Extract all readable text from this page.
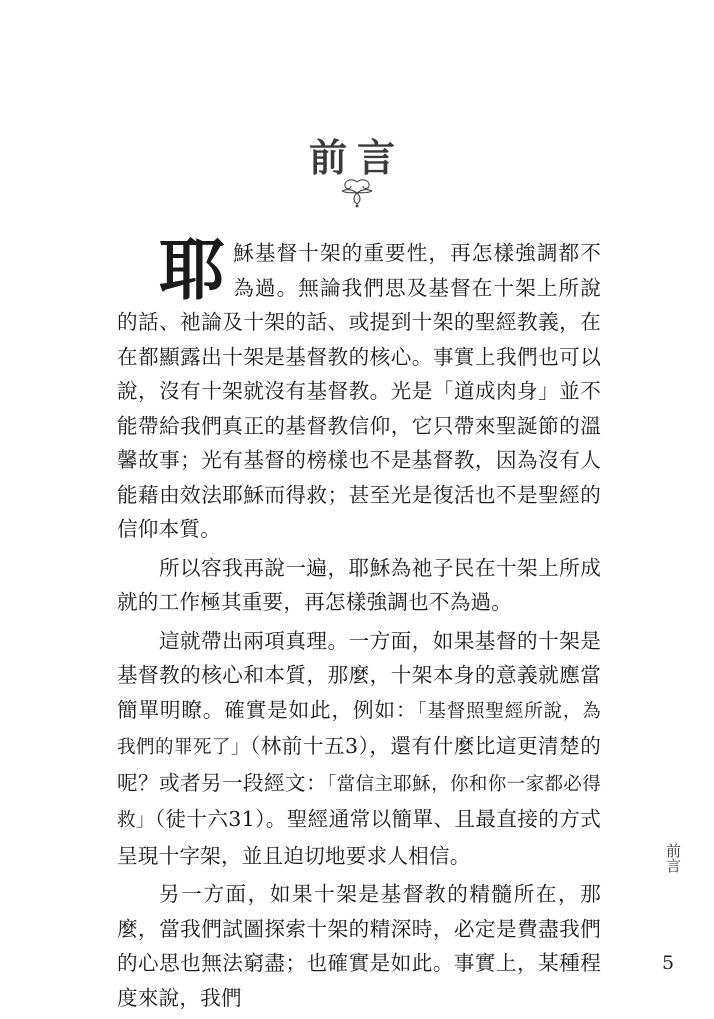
前言

耶穌基督十架的重要性，再怎樣強調都不為過。無論我們思及基督在十架上所說的話、祂論及十架的話、或提到十架的聖經教義，在在都顯露出十架是基督教的核心。事實上我們也可以說，沒有十架就沒有基督教。光是「道成肉身」並不能帶給我們真正的基督教信仰，它只帶來聖誕節的溫馨故事；光有基督的榜樣也不是基督教，因為沒有人能藉由效法耶穌而得救；甚至光是復活也不是聖經的信仰本質。

所以容我再說一遍，耶穌為祂子民在十架上所成就的工作極其重要，再怎樣強調也不為過。

這就帶出兩項真理。一方面，如果基督的十架是基督教的核心和本質，那麼，十架本身的意義就應當簡單明瞭。確實是如此，例如：「基督照聖經所說，為我們的罪死了」（林前十五3），還有什麼比這更清楚的呢？或者另一段經文：「當信主耶穌，你和你一家都必得救」（徒十六31）。聖經通常以簡單、且最直接的方式呈現十字架，並且迫切地要求人相信。

另一方面，如果十架是基督教的精髓所在，那麼，當我們試圖探索十架的精深時，必定是費盡我們的心思也無法窮盡；也確實是如此。事實上，某種程度來說，我們

前言
5
